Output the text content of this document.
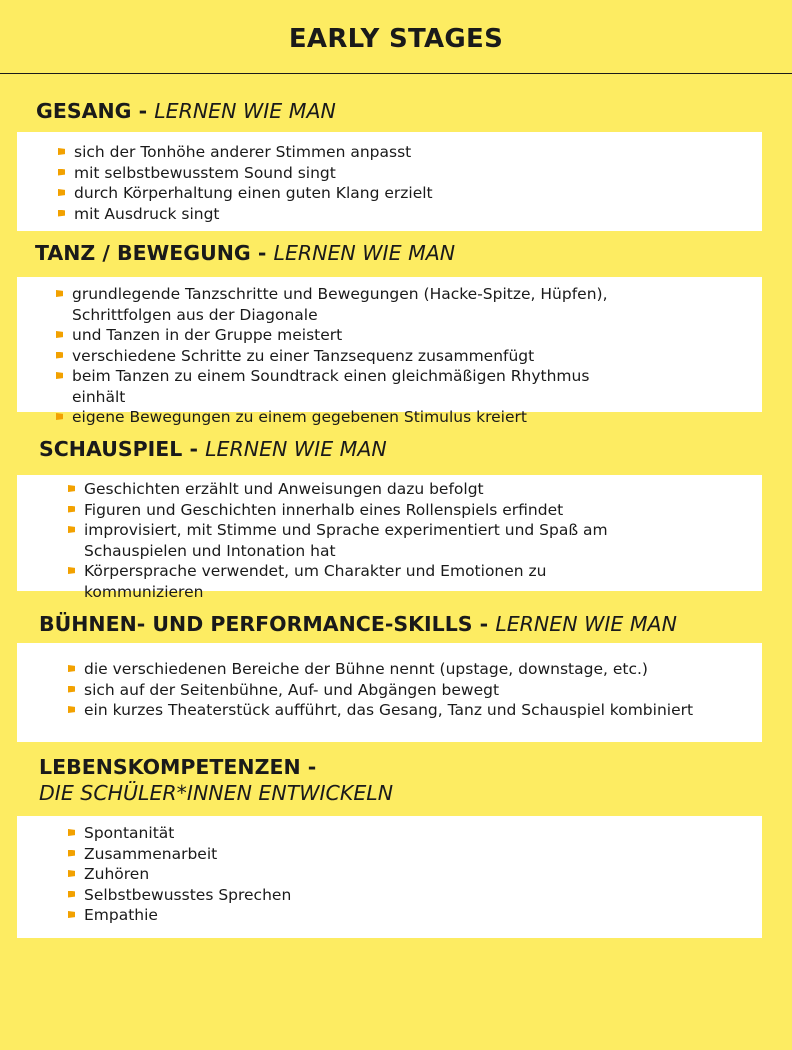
EARLY STAGES
GESANG - LERNEN WIE MAN
sich der Tonhöhe anderer Stimmen anpasst
mit selbstbewusstem Sound singt
durch Körperhaltung einen guten Klang erzielt
mit Ausdruck singt
TANZ / BEWEGUNG - LERNEN WIE MAN
grundlegende Tanzschritte und Bewegungen (Hacke-Spitze, Hüpfen), Schrittfolgen aus der Diagonale
und Tanzen in der Gruppe meistert
verschiedene Schritte zu einer Tanzsequenz zusammenfügt
beim Tanzen zu einem Soundtrack einen gleichmäßigen Rhythmus einhält
eigene Bewegungen zu einem gegebenen Stimulus kreiert
SCHAUSPIEL - LERNEN WIE MAN
Geschichten erzählt und Anweisungen dazu befolgt
Figuren und Geschichten innerhalb eines Rollenspiels erfindet
improvisiert, mit Stimme und Sprache experimentiert und Spaß am Schauspielen und Intonation hat
Körpersprache verwendet, um Charakter und Emotionen zu kommunizieren
BÜHNEN- UND PERFORMANCE-SKILLS - LERNEN WIE MAN
die verschiedenen Bereiche der Bühne nennt (upstage, downstage, etc.)
sich auf der Seitenbühne, Auf- und Abgängen bewegt
ein kurzes Theaterstück aufführt, das Gesang, Tanz und Schauspiel kombiniert
LEBENSKOMPETENZEN -
DIE SCHÜLER*INNEN ENTWICKELN
Spontanität
Zusammenarbeit
Zuhören
Selbstbewusstes Sprechen
Empathie
